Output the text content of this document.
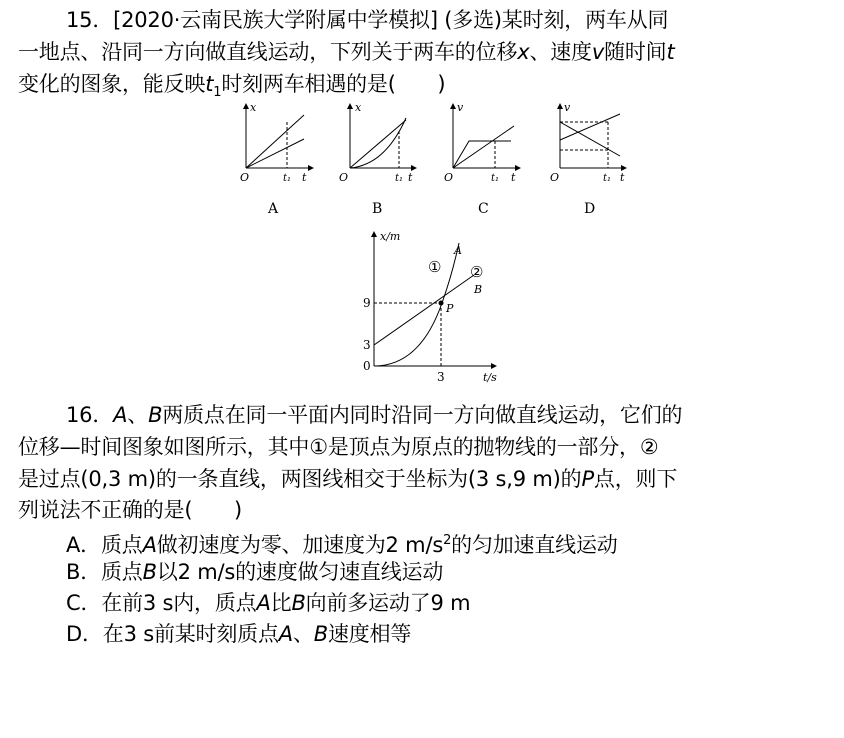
15．[2020·云南民族大学附属中学模拟] (多选)某时刻，两车从同
一地点、沿同一方向做直线运动，下列关于两车的位移x、速度v随时间t
变化的图象，能反映$t_1$时刻两车相遇的是(　　)
O
x
t₁ t
A
O
x
t₁ t
B
O
v
t₁ t
C
O
v
t₁ t
D
x/m
t/s
0
9
3
3
A
①
B
②
P
16．A、B两质点在同一平面内同时沿同一方向做直线运动，它们的
位移—时间图象如图所示，其中①是顶点为原点的抛物线的一部分，②
是过点(0,3 m)的一条直线，两图线相交于坐标为(3 s,9 m)的P点，则下
列说法不正确的是(　　)
A．质点A做初速度为零、加速度为2 $m/s^2$的匀加速直线运动
B．质点B以2 m/s的速度做匀速直线运动
C．在前3 s内，质点A比B向前多运动了9 m
D．在3 s前某时刻质点A、B速度相等
